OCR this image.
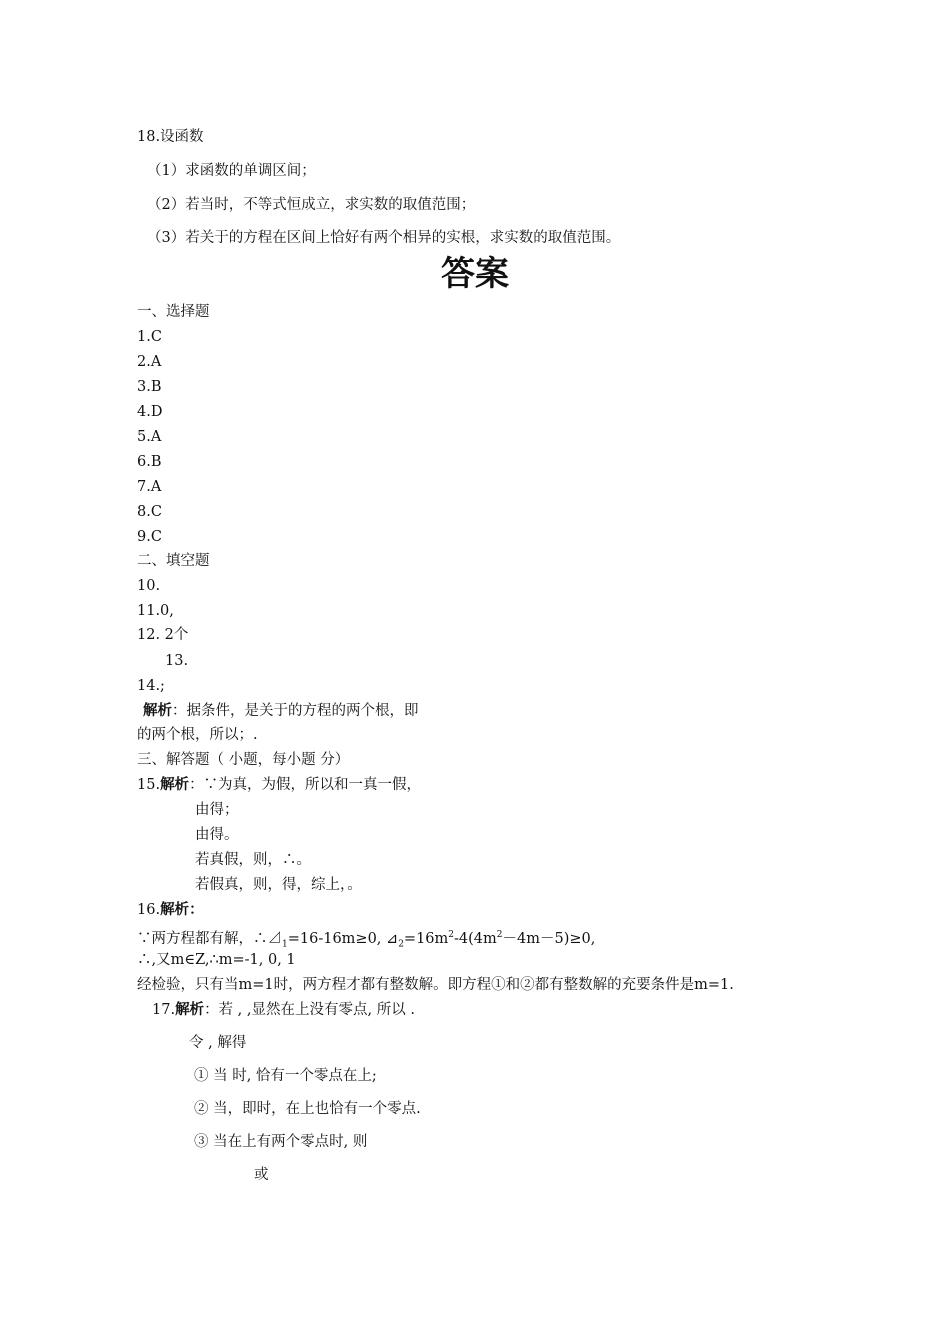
18.设函数
（1）求函数的单调区间；
（2）若当时，不等式恒成立，求实数的取值范围；
（3）若关于的方程在区间上恰好有两个相异的实根，求实数的取值范围。
答案
一、选择题
1.C
2.A
3.B
4.D
5.A
6.B
7.A
8.C
9.C
二、填空题
10.
11.0,
12. 2个
13.
14.;
解析：据条件，是关于的方程的两个根，即
的两个根，所以；.
三、解答题（ 小题，每小题 分）
15.解析：∵为真，为假，所以和一真一假，
由得；
由得。
若真假，则，∴。
若假真，则，得，综上，。
16.解析：
∵两方程都有解，$\therefore⊿_1=16-16m\ge 0$, $⊿_2=16m^2-4(4m^2-4m-5)\ge 0$,
∴,又m∈Z,∴m=-1, 0, 1
经检验，只有当m=1时，两方程才都有整数解。即方程①和②都有整数解的充要条件是m=1.
17.解析：若 , ,显然在上没有零点, 所以 .
令 , 解得
① 当 时, 恰有一个零点在上;
② 当，即时，在上也恰有一个零点.
③ 当在上有两个零点时, 则
或
